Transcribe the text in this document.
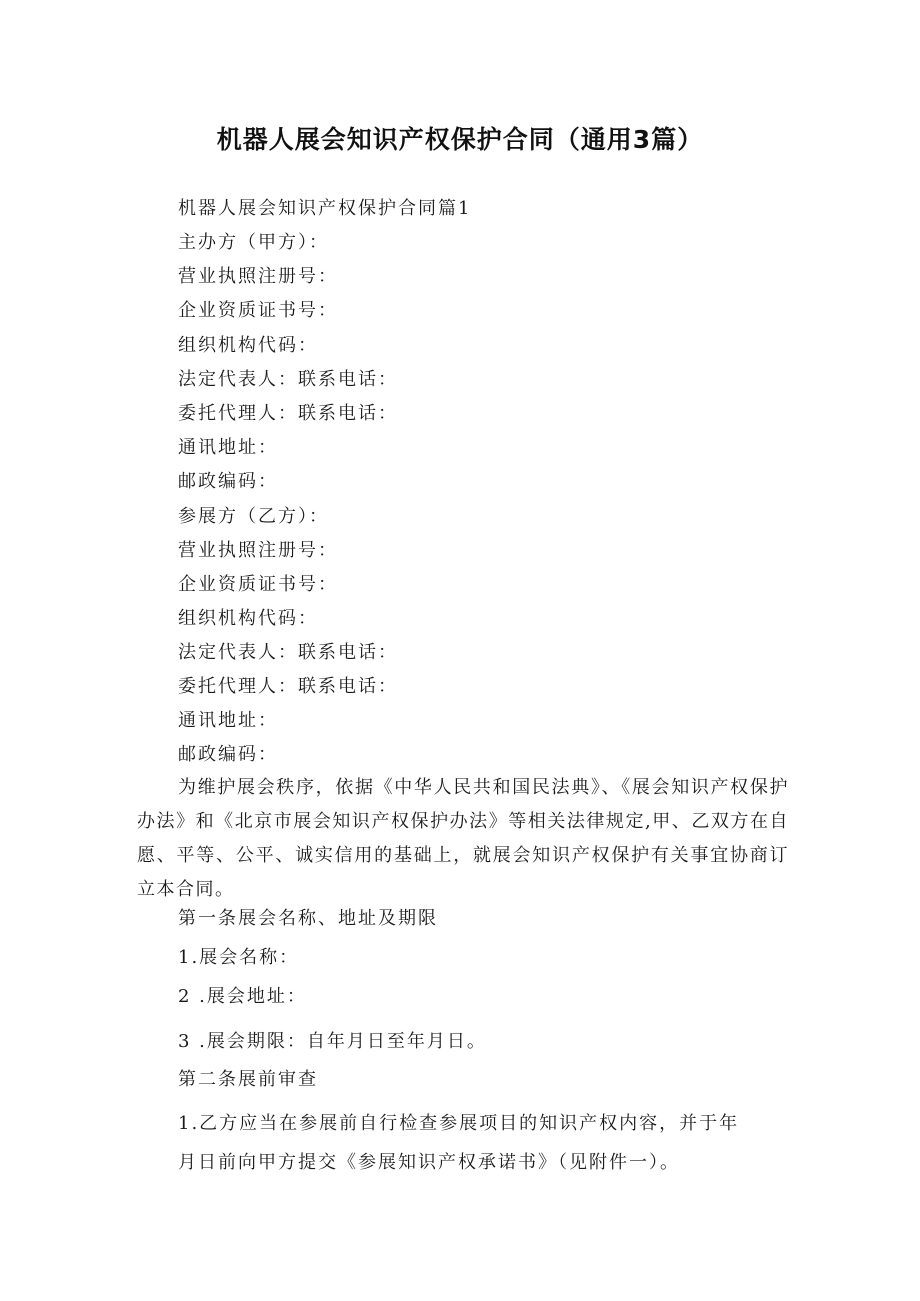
机器人展会知识产权保护合同（通用3篇）
机器人展会知识产权保护合同篇1
主办方（甲方）：
营业执照注册号：
企业资质证书号：
组织机构代码：
法定代表人：联系电话：
委托代理人：联系电话：
通讯地址：
邮政编码：
参展方（乙方）：
营业执照注册号：
企业资质证书号：
组织机构代码：
法定代表人：联系电话：
委托代理人：联系电话：
通讯地址：
邮政编码：
为维护展会秩序，依据《中华人民共和国民法典》、《展会知识产权保护办法》和《北京市展会知识产权保护办法》等相关法律规定,甲、乙双方在自愿、平等、公平、诚实信用的基础上，就展会知识产权保护有关事宜协商订立本合同。
第一条展会名称、地址及期限
1.展会名称：
2 .展会地址：
3 .展会期限：自年月日至年月日。
第二条展前审查
1.乙方应当在参展前自行检查参展项目的知识产权内容，并于年
月日前向甲方提交《参展知识产权承诺书》（见附件一）。
